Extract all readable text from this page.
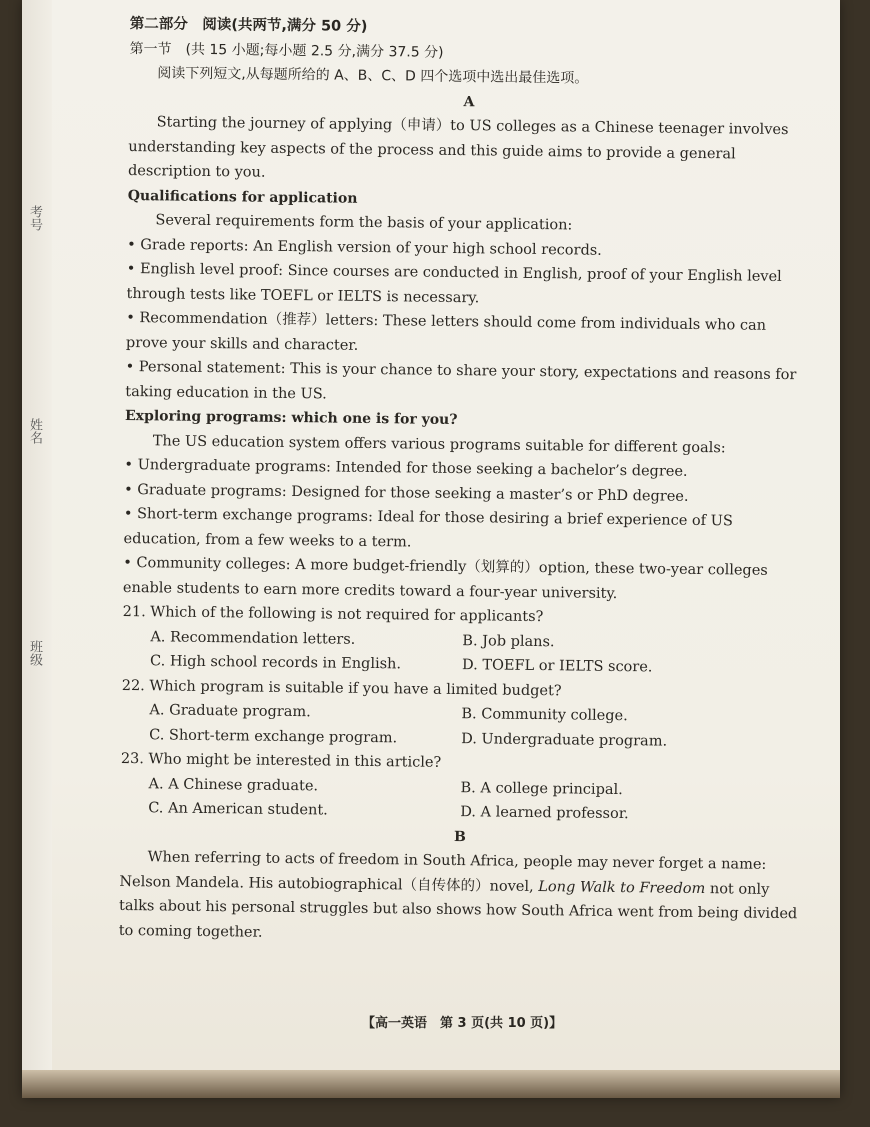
考号
姓名
班级

第二部分　阅读(共两节,满分 50 分)

第一节　(共 15 小题;每小题 2.5 分,满分 37.5 分)

阅读下列短文,从每题所给的 A、B、C、D 四个选项中选出最佳选项。

A

Starting the journey of applying（申请）to US colleges as a Chinese teenager involves understanding key aspects of the process and this guide aims to provide a general description to you.

Qualifications for application

Several requirements form the basis of your application:

• Grade reports: An English version of your high school records.

• English level proof: Since courses are conducted in English, proof of your English level through tests like TOEFL or IELTS is necessary.

• Recommendation（推荐）letters: These letters should come from individuals who can prove your skills and character.

• Personal statement: This is your chance to share your story, expectations and reasons for taking education in the US.

Exploring programs: which one is for you?

The US education system offers various programs suitable for different goals:

• Undergraduate programs: Intended for those seeking a bachelor’s degree.

• Graduate programs: Designed for those seeking a master’s or PhD degree.

• Short-term exchange programs: Ideal for those desiring a brief experience of US education, from a few weeks to a term.

• Community colleges: A more budget-friendly（划算的）option, these two-year colleges enable students to earn more credits toward a four-year university.

21. Which of the following is not required for applicants?

A. Recommendation letters.	B. Job plans.
C. High school records in English.	D. TOEFL or IELTS score.

22. Which program is suitable if you have a limited budget?

A. Graduate program.	B. Community college.
C. Short-term exchange program.	D. Undergraduate program.

23. Who might be interested in this article?

A. A Chinese graduate.	B. A college principal.
C. An American student.	D. A learned professor.

B

When referring to acts of freedom in South Africa, people may never forget a name: Nelson Mandela. His autobiographical（自传体的）novel, Long Walk to Freedom not only talks about his personal struggles but also shows how South Africa went from being divided to coming together.

【高一英语　第 3 页(共 10 页)】
